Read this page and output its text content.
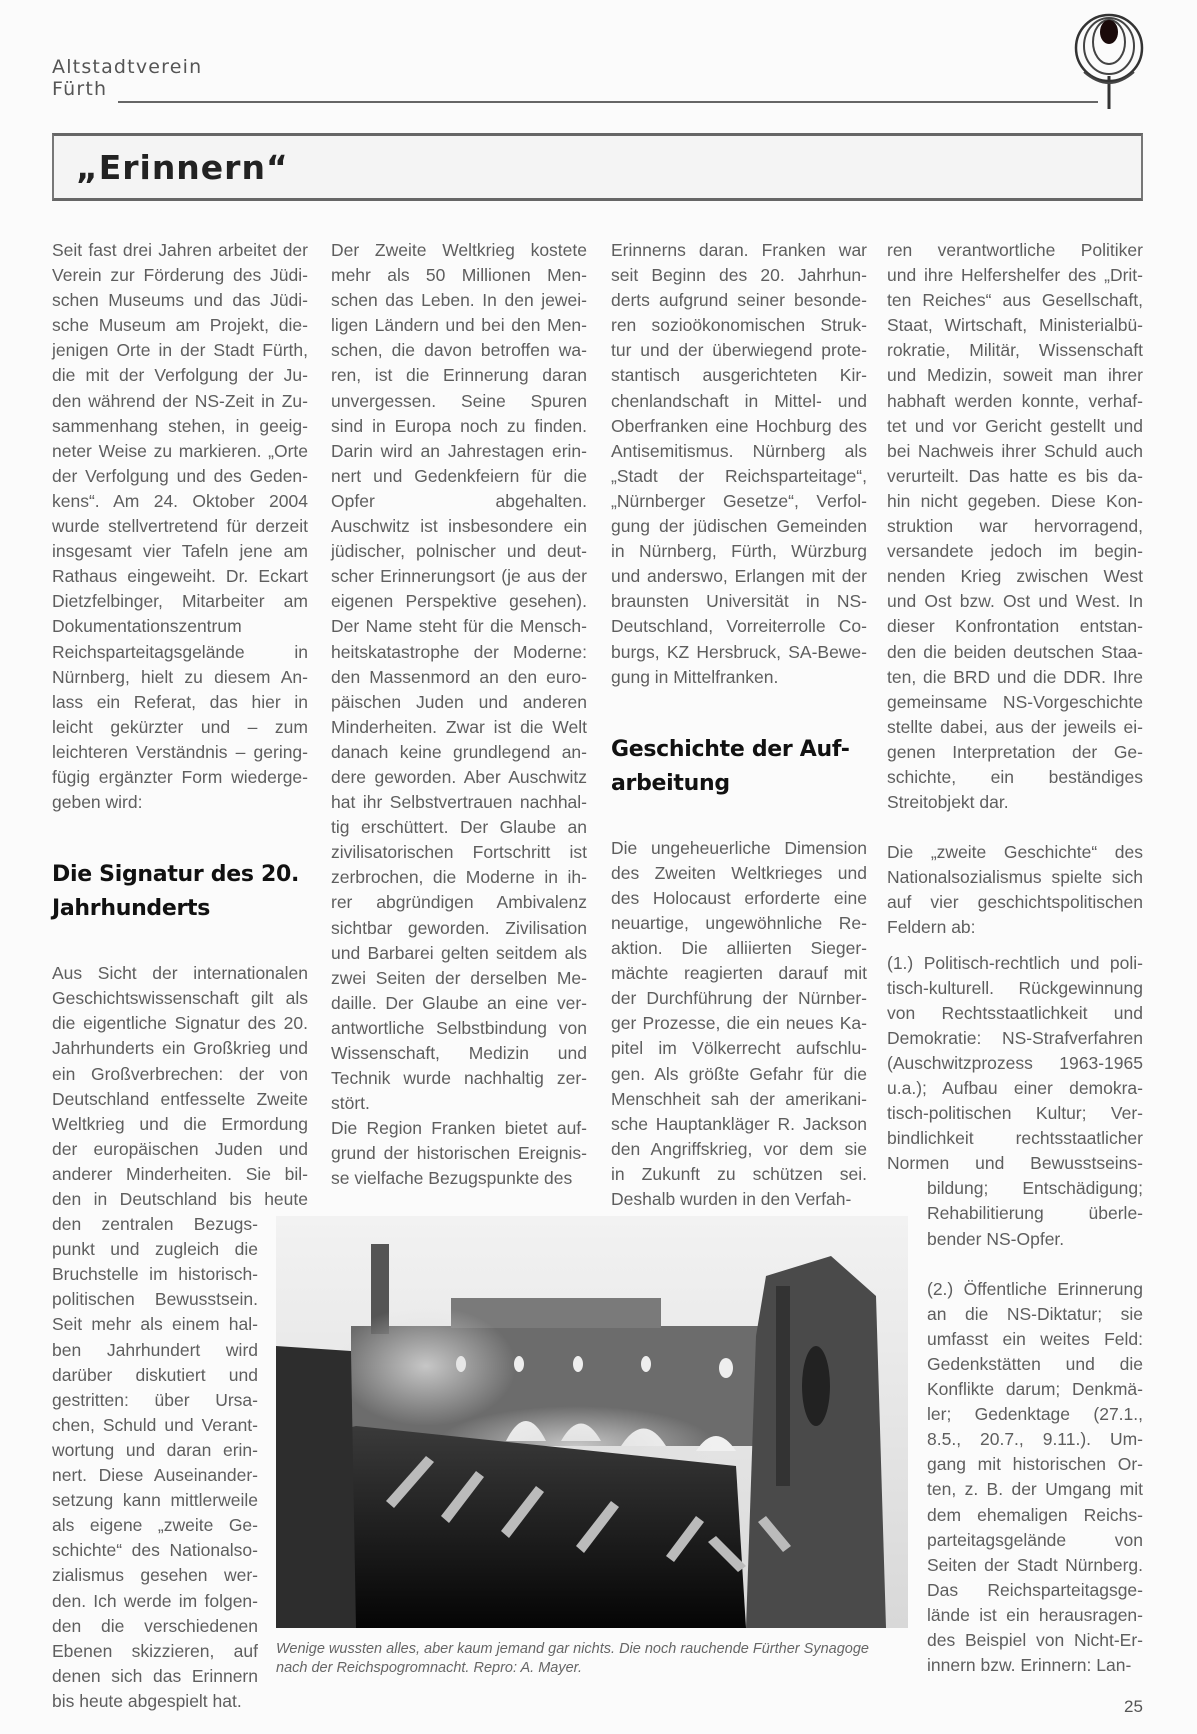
Altstadtverein
Fürth
„Erinnern“
Seit fast drei Jahren arbeitet der
Verein zur Förderung des Jüdi-
schen Museums und das Jüdi-
sche Museum am Projekt, die-
jenigen Orte in der Stadt Fürth,
die mit der Verfolgung der Ju-
den während der NS-Zeit in Zu-
sammenhang stehen, in geeig-
neter Weise zu markieren. „Orte
der Verfolgung und des Geden-
kens“. Am 24. Oktober 2004
wurde stellvertretend für derzeit
insgesamt vier Tafeln jene am
Rathaus eingeweiht. Dr. Eckart
Dietzfelbinger, Mitarbeiter am
Dokumentationszentrum
Reichsparteitagsgelände in
Nürnberg, hielt zu diesem An-
lass ein Referat, das hier in
leicht gekürzter und – zum
leichteren Verständnis – gering-
fügig ergänzter Form wiederge-
geben wird:
Die Signatur des 20.
Jahrhunderts
Aus Sicht der internationalen
Geschichtswissenschaft gilt als
die eigentliche Signatur des 20.
Jahrhunderts ein Großkrieg und
ein Großverbrechen: der von
Deutschland entfesselte Zweite
Weltkrieg und die Ermordung
der europäischen Juden und
anderer Minderheiten. Sie bil-
den in Deutschland bis heute
den zentralen Bezugs-
punkt und zugleich die
Bruchstelle im historisch-
politischen Bewusstsein.
Seit mehr als einem hal-
ben Jahrhundert wird
darüber diskutiert und
gestritten: über Ursa-
chen, Schuld und Verant-
wortung und daran erin-
nert. Diese Auseinander-
setzung kann mittlerweile
als eigene „zweite Ge-
schichte“ des Nationalso-
zialismus gesehen wer-
den. Ich werde im folgen-
den die verschiedenen
Ebenen skizzieren, auf
denen sich das Erinnern
bis heute abgespielt hat.
Der Zweite Weltkrieg kostete
mehr als 50 Millionen Men-
schen das Leben. In den jewei-
ligen Ländern und bei den Men-
schen, die davon betroffen wa-
ren, ist die Erinnerung daran
unvergessen. Seine Spuren
sind in Europa noch zu finden.
Darin wird an Jahrestagen erin-
nert und Gedenkfeiern für die
Opfer abgehalten.
Auschwitz ist insbesondere ein
jüdischer, polnischer und deut-
scher Erinnerungsort (je aus der
eigenen Perspektive gesehen).
Der Name steht für die Mensch-
heitskatastrophe der Moderne:
den Massenmord an den euro-
päischen Juden und anderen
Minderheiten. Zwar ist die Welt
danach keine grundlegend an-
dere geworden. Aber Auschwitz
hat ihr Selbstvertrauen nachhal-
tig erschüttert. Der Glaube an
zivilisatorischen Fortschritt ist
zerbrochen, die Moderne in ih-
rer abgründigen Ambivalenz
sichtbar geworden. Zivilisation
und Barbarei gelten seitdem als
zwei Seiten der derselben Me-
daille. Der Glaube an eine ver-
antwortliche Selbstbindung von
Wissenschaft, Medizin und
Technik wurde nachhaltig zer-
stört.
Die Region Franken bietet auf-
grund der historischen Ereignis-
se vielfache Bezugspunkte des
Erinnerns daran. Franken war
seit Beginn des 20. Jahrhun-
derts aufgrund seiner besonde-
ren sozioökonomischen Struk-
tur und der überwiegend prote-
stantisch ausgerichteten Kir-
chenlandschaft in Mittel- und
Oberfranken eine Hochburg des
Antisemitismus. Nürnberg als
„Stadt der Reichsparteitage“,
„Nürnberger Gesetze“, Verfol-
gung der jüdischen Gemeinden
in Nürnberg, Fürth, Würzburg
und anderswo, Erlangen mit der
braunsten Universität in NS-
Deutschland, Vorreiterrolle Co-
burgs, KZ Hersbruck, SA-Bewe-
gung in Mittelfranken.
Geschichte der Auf-
arbeitung
Die ungeheuerliche Dimension
des Zweiten Weltkrieges und
des Holocaust erforderte eine
neuartige, ungewöhnliche Re-
aktion. Die alliierten Sieger-
mächte reagierten darauf mit
der Durchführung der Nürnber-
ger Prozesse, die ein neues Ka-
pitel im Völkerrecht aufschlu-
gen. Als größte Gefahr für die
Menschheit sah der amerikani-
sche Hauptankläger R. Jackson
den Angriffskrieg, vor dem sie
in Zukunft zu schützen sei.
Deshalb wurden in den Verfah-
ren verantwortliche Politiker
und ihre Helfershelfer des „Drit-
ten Reiches“ aus Gesellschaft,
Staat, Wirtschaft, Ministerialbü-
rokratie, Militär, Wissenschaft
und Medizin, soweit man ihrer
habhaft werden konnte, verhaf-
tet und vor Gericht gestellt und
bei Nachweis ihrer Schuld auch
verurteilt. Das hatte es bis da-
hin nicht gegeben. Diese Kon-
struktion war hervorragend,
versandete jedoch im begin-
nenden Krieg zwischen West
und Ost bzw. Ost und West. In
dieser Konfrontation entstan-
den die beiden deutschen Staa-
ten, die BRD und die DDR. Ihre
gemeinsame NS-Vorgeschichte
stellte dabei, aus der jeweils ei-
genen Interpretation der Ge-
schichte, ein beständiges
Streitobjekt dar.
Die „zweite Geschichte“ des
Nationalsozialismus spielte sich
auf vier geschichtspolitischen
Feldern ab:
(1.) Politisch-rechtlich und poli-
tisch-kulturell. Rückgewinnung
von Rechtsstaatlichkeit und
Demokratie: NS-Strafverfahren
(Auschwitzprozess 1963-1965
u.a.); Aufbau einer demokra-
tisch-politischen Kultur; Ver-
bindlichkeit rechtsstaatlicher
Normen und Bewusstseins-
bildung; Entschädigung;
Rehabilitierung überle-
bender NS-Opfer.
(2.) Öffentliche Erinnerung
an die NS-Diktatur; sie
umfasst ein weites Feld:
Gedenkstätten und die
Konflikte darum; Denkmä-
ler; Gedenktage (27.1.,
8.5., 20.7., 9.11.). Um-
gang mit historischen Or-
ten, z. B. der Umgang mit
dem ehemaligen Reichs-
parteitagsgelände von
Seiten der Stadt Nürnberg.
Das Reichsparteitagsge-
lände ist ein herausragen-
des Beispiel von Nicht-Er-
innern bzw. Erinnern: Lan-
Wenige wussten alles, aber kaum jemand gar nichts. Die noch rauchende Fürther Synagoge
nach der Reichspogromnacht. Repro: A. Mayer.
25
